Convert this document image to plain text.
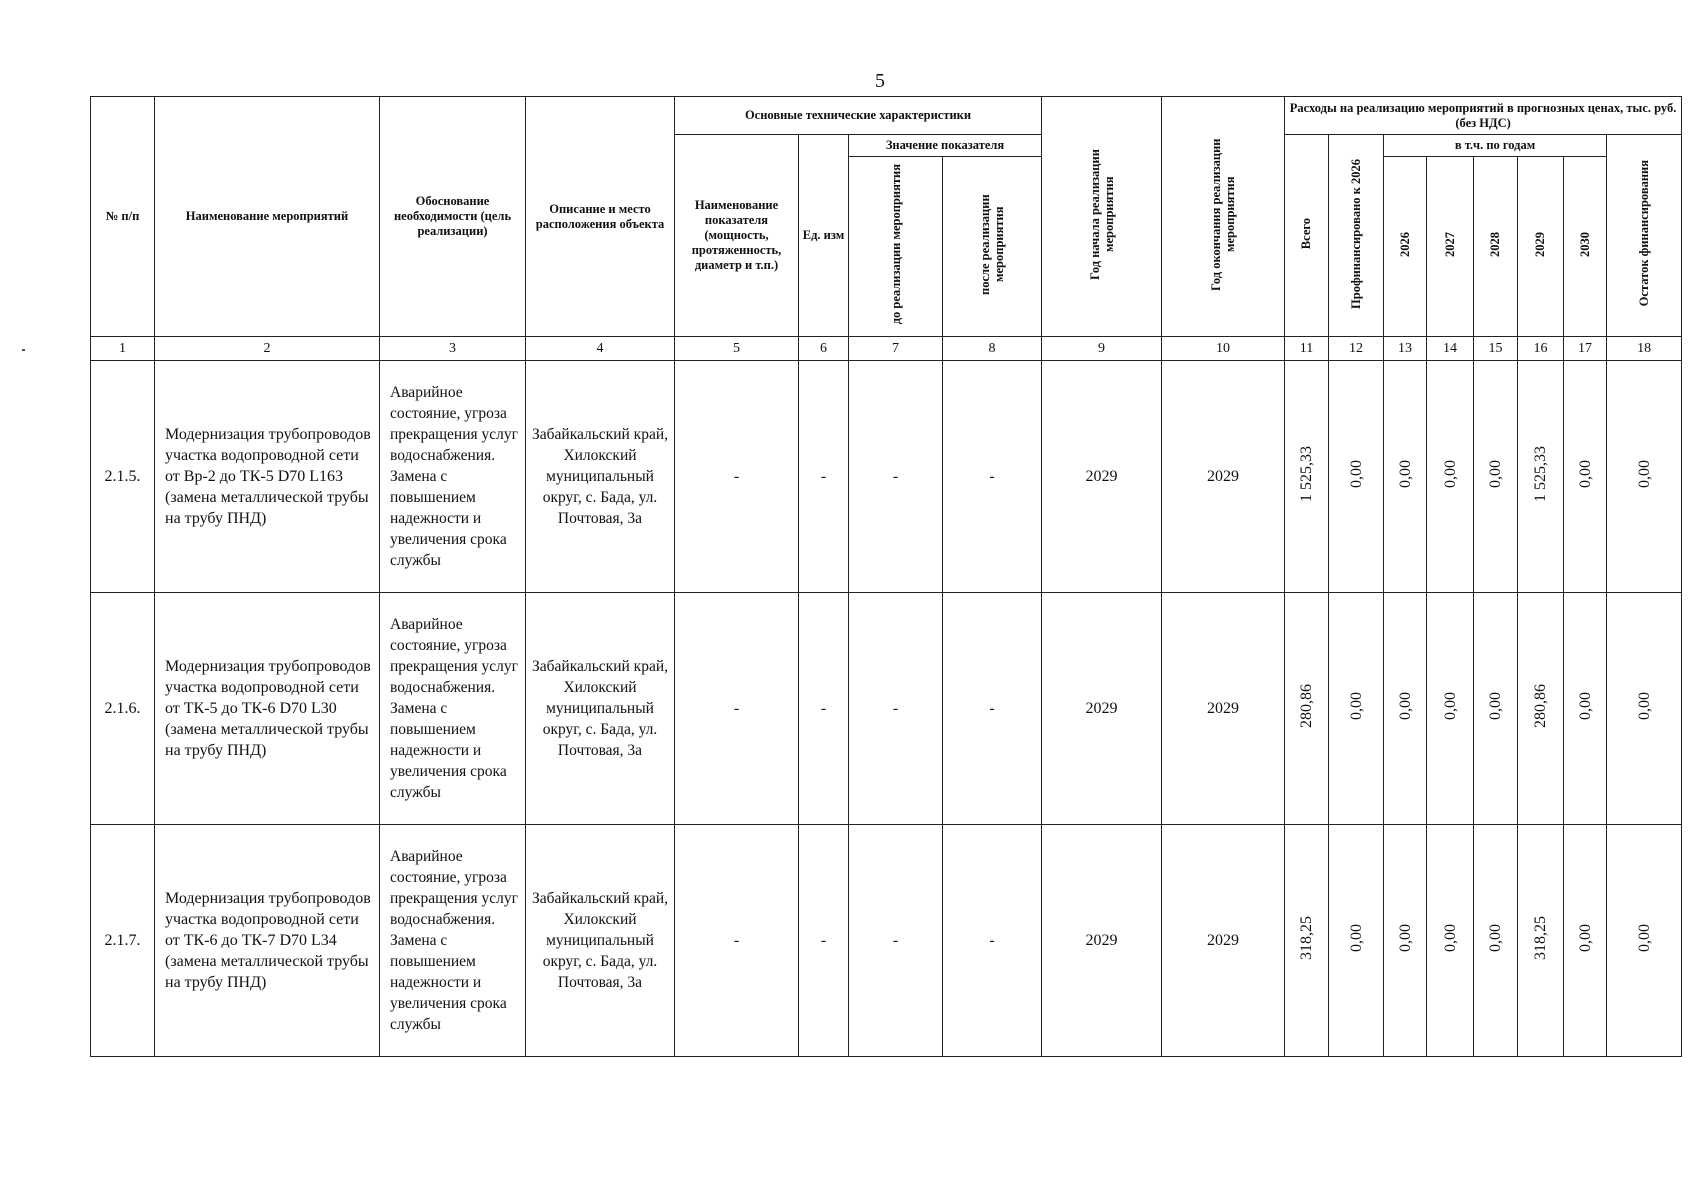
5
№ п/п	Наименование мероприятий	Обоснование необходимости (цель реализации)	Описание и место расположения объекта	Основные технические характеристики				Год начала реализации мероприятия	Год окончания реализации мероприятия	Расходы на реализацию мероприятий в прогнозных ценах, тыс. руб. (без НДС)							
				Наименование показателя (мощность, протяженность, диаметр и т.п.)	Ед. изм	Значение показателя				Всего	Профинансировано к 2026	в т.ч. по годам					Остаток финансирования
						до реализации мероприятия	после реализации мероприятия					2026	2027	2028	2029	2030	

1	2	3	4	5	6	7	8	9	10	11	12	13	14	15	16	17	18
2.1.5.	Модернизация трубопроводов участка водопроводной сети от Вр-2 до ТК-5 D70 L163 (замена металлической трубы на трубу ПНД)	Аварийное состояние, угроза прекращения услуг водоснабжения. Замена с повышением надежности и увеличения срока службы	Забайкальский край, Хилокский муниципальный округ, с. Бада, ул. Почтовая, 3а	-	-	-	-	2029	2029	1 525,33	0,00	0,00	0,00	0,00	1 525,33	0,00	0,00
2.1.6.	Модернизация трубопроводов участка водопроводной сети от ТК-5 до ТК-6 D70 L30 (замена металлической трубы на трубу ПНД)	Аварийное состояние, угроза прекращения услуг водоснабжения. Замена с повышением надежности и увеличения срока службы	Забайкальский край, Хилокский муниципальный округ, с. Бада, ул. Почтовая, 3а	-	-	-	-	2029	2029	280,86	0,00	0,00	0,00	0,00	280,86	0,00	0,00
2.1.7.	Модернизация трубопроводов участка водопроводной сети от ТК-6 до ТК-7 D70 L34 (замена металлической трубы на трубу ПНД)	Аварийное состояние, угроза прекращения услуг водоснабжения. Замена с повышением надежности и увеличения срока службы	Забайкальский край, Хилокский муниципальный округ, с. Бада, ул. Почтовая, 3а	-	-	-	-	2029	2029	318,25	0,00	0,00	0,00	0,00	318,25	0,00	0,00
